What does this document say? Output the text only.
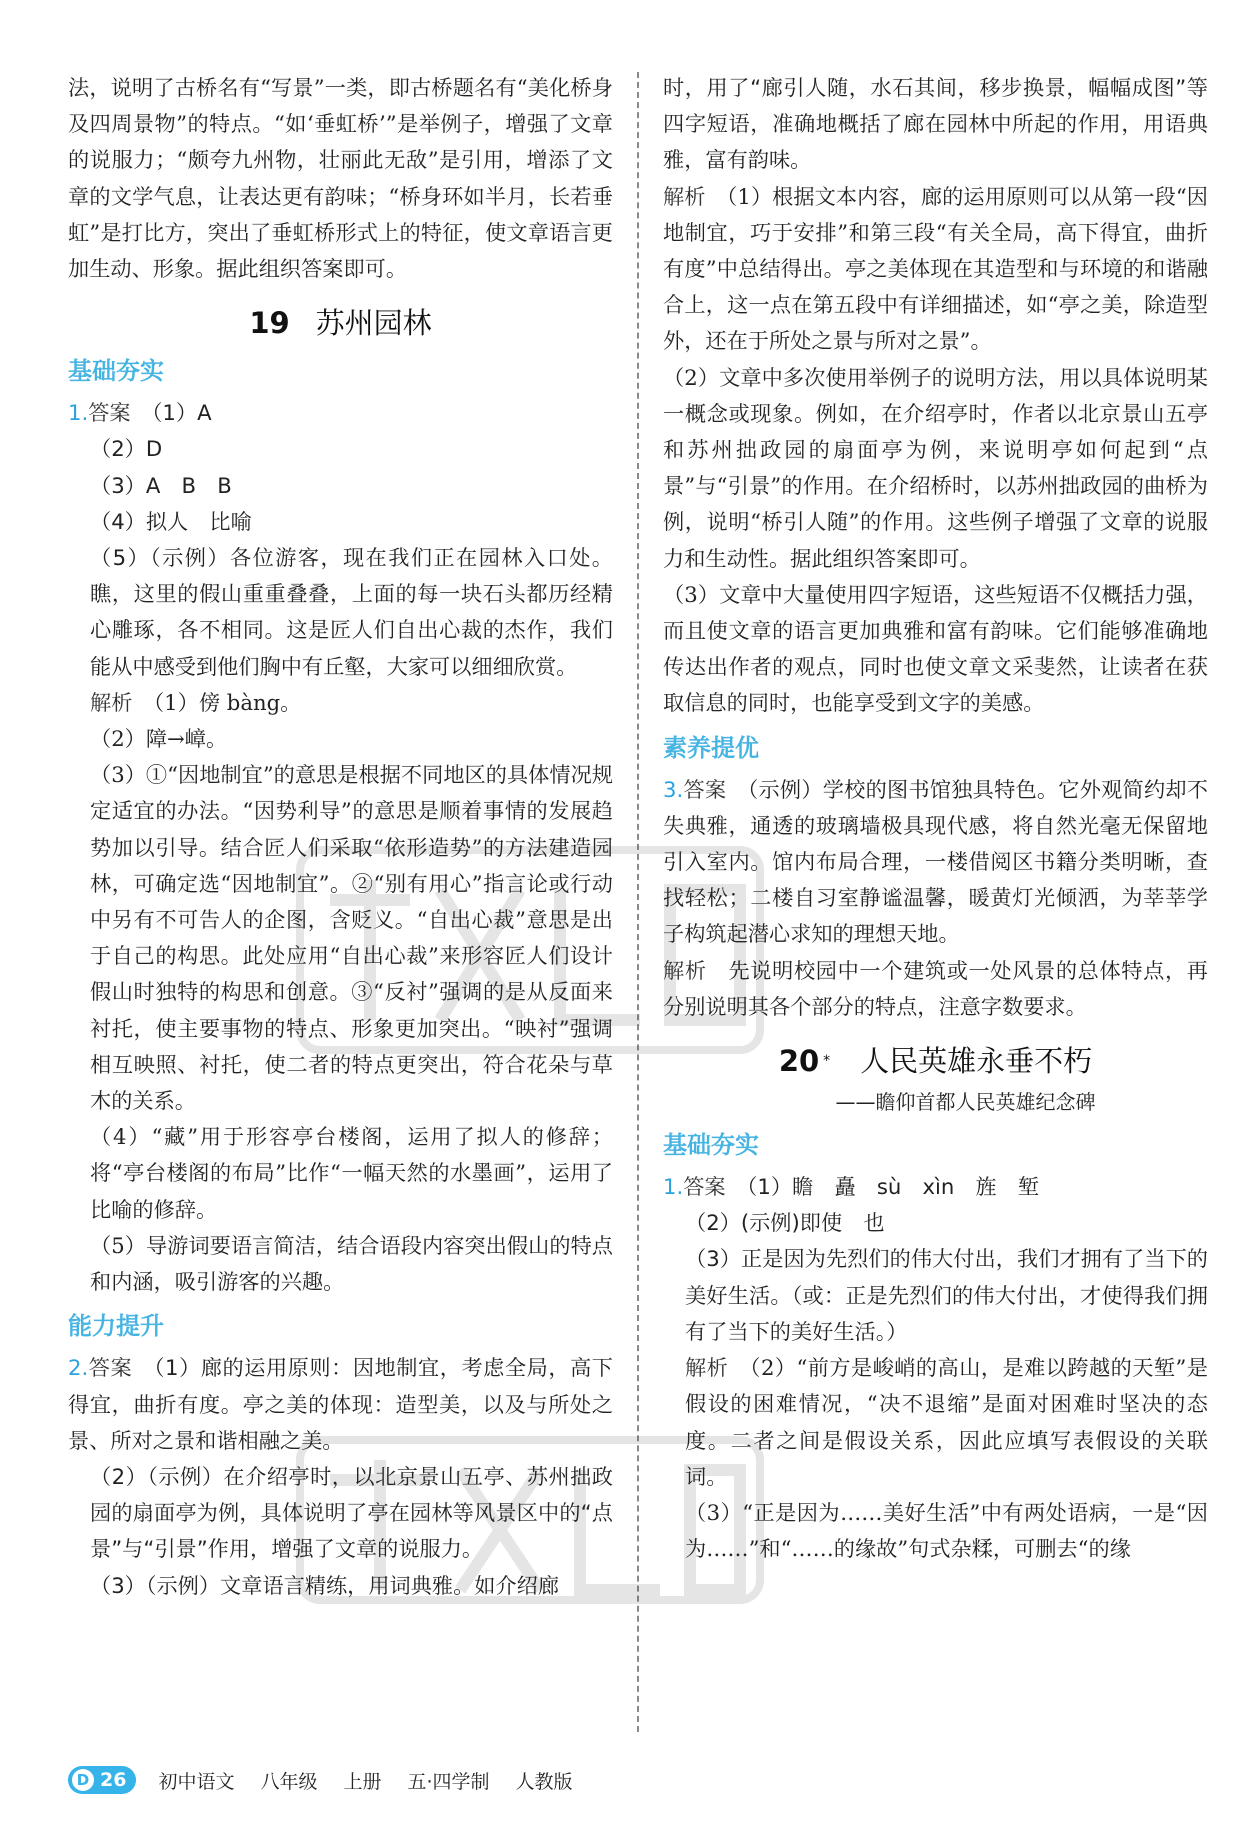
法，说明了古桥名有“写景”一类，即古桥题名有“美化桥身及四周景物”的特点。“如‘垂虹桥’”是举例子，增强了文章的说服力；“颇夸九州物，壮丽此无敌”是引用，增添了文章的文学气息，让表达更有韵味；“桥身环如半月，长若垂虹”是打比方，突出了垂虹桥形式上的特征，使文章语言更加生动、形象。据此组织答案即可。

19 苏州园林
基础夯实

1.答案　 （1）A

（2）D

（3）A　B　B

（4）拟人　比喻

（5）（示例）各位游客，现在我们正在园林入口处。瞧，这里的假山重重叠叠，上面的每一块石头都历经精心雕琢，各不相同。这是匠人们自出心裁的杰作，我们能从中感受到他们胸中有丘壑，大家可以细细欣赏。

解析　 （1）傍 bàng。

（2）障→嶂。

（3）①“因地制宜”的意思是根据不同地区的具体情况规定适宜的办法。“因势利导”的意思是顺着事情的发展趋势加以引导。结合匠人们采取“依形造势”的方法建造园林，可确定选“因地制宜”。②“别有用心”指言论或行动中另有不可告人的企图，含贬义。“自出心裁”意思是出于自己的构思。此处应用“自出心裁”来形容匠人们设计假山时独特的构思和创意。③“反衬”强调的是从反面来衬托，使主要事物的特点、形象更加突出。“映衬”强调相互映照、衬托，使二者的特点更突出，符合花朵与草木的关系。

（4）“藏”用于形容亭台楼阁，运用了拟人的修辞；将“亭台楼阁的布局”比作“一幅天然的水墨画”，运用了比喻的修辞。

（5）导游词要语言简洁，结合语段内容突出假山的特点和内涵，吸引游客的兴趣。

能力提升

2.答案　 （1）廊的运用原则：因地制宜，考虑全局，高下得宜，曲折有度。亭之美的体现：造型美，以及与所处之景、所对之景和谐相融之美。

（2）（示例）在介绍亭时，以北京景山五亭、苏州拙政园的扇面亭为例，具体说明了亭在园林等风景区中的“点景”与“引景”作用，增强了文章的说服力。

（3）（示例）文章语言精练，用词典雅。如介绍廊

时，用了“廊引人随，水石其间，移步换景，幅幅成图”等四字短语，准确地概括了廊在园林中所起的作用，用语典雅，富有韵味。

解析　 （1）根据文本内容，廊的运用原则可以从第一段“因地制宜，巧于安排”和第三段“有关全局，高下得宜，曲折有度”中总结得出。亭之美体现在其造型和与环境的和谐融合上，这一点在第五段中有详细描述，如“亭之美，除造型外，还在于所处之景与所对之景”。

（2）文章中多次使用举例子的说明方法，用以具体说明某一概念或现象。例如，在介绍亭时，作者以北京景山五亭和苏州拙政园的扇面亭为例，来说明亭如何起到“点景”与“引景”的作用。在介绍桥时，以苏州拙政园的曲桥为例，说明“桥引人随”的作用。这些例子增强了文章的说服力和生动性。据此组织答案即可。

（3）文章中大量使用四字短语，这些短语不仅概括力强，而且使文章的语言更加典雅和富有韵味。它们能够准确地传达出作者的观点，同时也使文章文采斐然，让读者在获取信息的同时，也能享受到文字的美感。

素养提优

3.答案　 （示例）学校的图书馆独具特色。它外观简约却不失典雅，通透的玻璃墙极具现代感，将自然光毫无保留地引入室内。馆内布局合理，一楼借阅区书籍分类明晰，查找轻松；二楼自习室静谧温馨，暖黄灯光倾洒，为莘莘学子构筑起潜心求知的理想天地。

解析　 先说明校园中一个建筑或一处风景的总体特点，再分别说明其各个部分的特点，注意字数要求。

20 * 人民英雄永垂不朽
——瞻仰首都人民英雄纪念碑
基础夯实

1.答案　 （1）瞻　矗　sù　xìn　旌　堑

（2）(示例)即使　也

（3）正是因为先烈们的伟大付出，我们才拥有了当下的美好生活。（或：正是先烈们的伟大付出，才使得我们拥有了当下的美好生活。）

解析　 （2）“前方是峻峭的高山，是难以跨越的天堑”是假设的困难情况，“决不退缩”是面对困难时坚决的态度。二者之间是假设关系，因此应填写表假设的关联词。

（3）“正是因为……美好生活”中有两处语病，一是“因为……”和“……的缘故”句式杂糅，可删去“的缘

D 26 初中语文 八年级 上册 五·四学制 人教版
